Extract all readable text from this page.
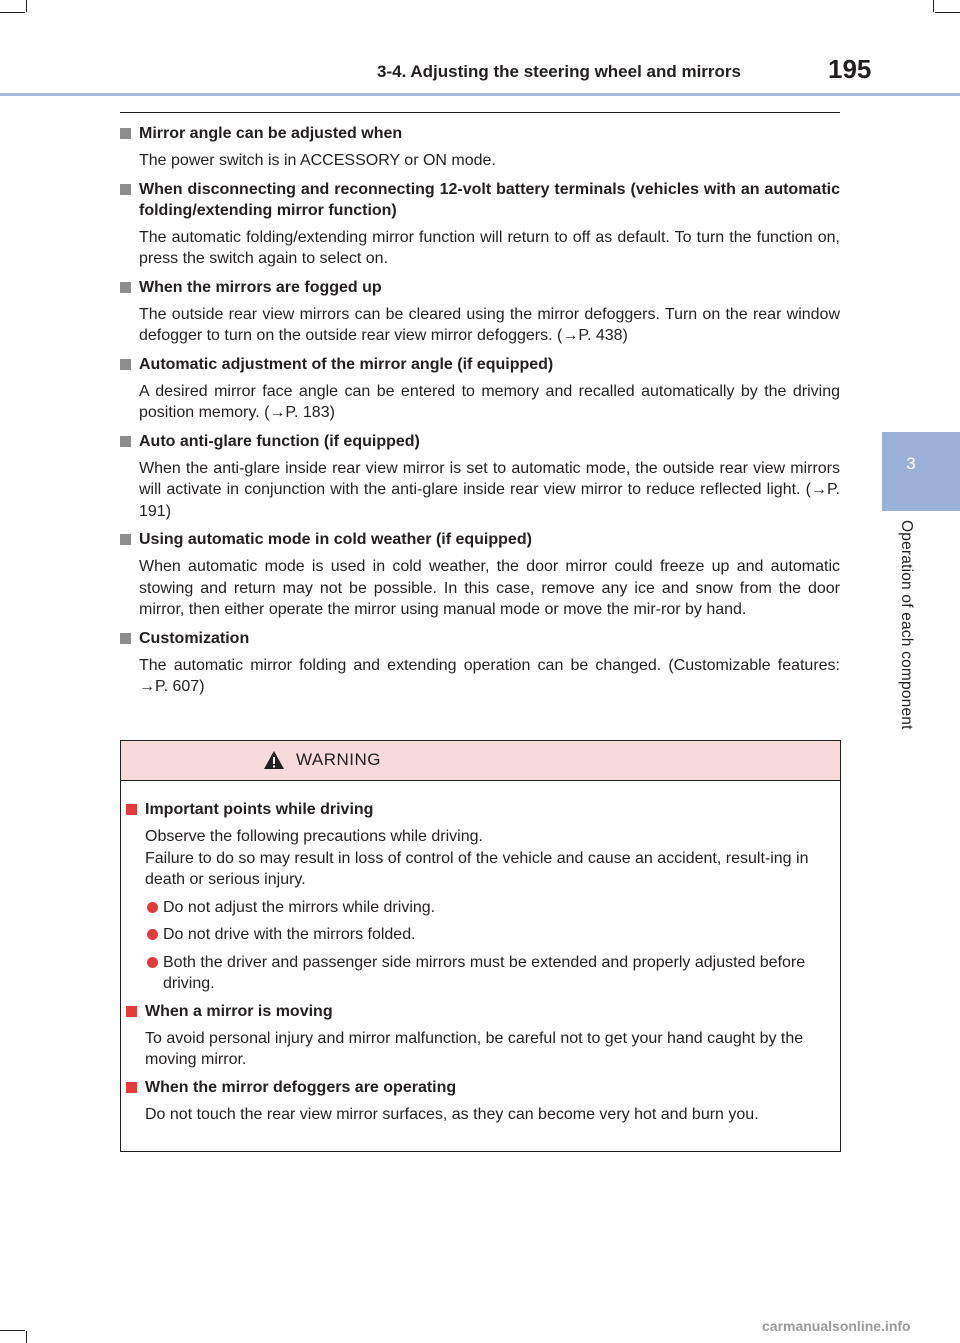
3-4. Adjusting the steering wheel and mirrors	195
3
Operation of each component
Mirror angle can be adjusted when
The power switch is in ACCESSORY or ON mode.
When disconnecting and reconnecting 12-volt battery terminals (vehicles with an automatic folding/extending mirror function)
The automatic folding/extending mirror function will return to off as default. To turn the function on, press the switch again to select on.
When the mirrors are fogged up
The outside rear view mirrors can be cleared using the mirror defoggers. Turn on the rear window defogger to turn on the outside rear view mirror defoggers. (→P. 438)
Automatic adjustment of the mirror angle (if equipped)
A desired mirror face angle can be entered to memory and recalled automatically by the driving position memory. (→P. 183)
Auto anti-glare function (if equipped)
When the anti-glare inside rear view mirror is set to automatic mode, the outside rear view mirrors will activate in conjunction with the anti-glare inside rear view mirror to reduce reflected light. (→P. 191)
Using automatic mode in cold weather (if equipped)
When automatic mode is used in cold weather, the door mirror could freeze up and automatic stowing and return may not be possible. In this case, remove any ice and snow from the door mirror, then either operate the mirror using manual mode or move the mir-ror by hand.
Customization
The automatic mirror folding and extending operation can be changed. (Customizable features: →P. 607)
WARNING
Important points while driving
Observe the following precautions while driving.
Failure to do so may result in loss of control of the vehicle and cause an accident, result-ing in death or serious injury.
Do not adjust the mirrors while driving.
Do not drive with the mirrors folded.
Both the driver and passenger side mirrors must be extended and properly adjusted before driving.
When a mirror is moving
To avoid personal injury and mirror malfunction, be careful not to get your hand caught by the moving mirror.
When the mirror defoggers are operating
Do not touch the rear view mirror surfaces, as they can become very hot and burn you.
carmanualsonline.info
